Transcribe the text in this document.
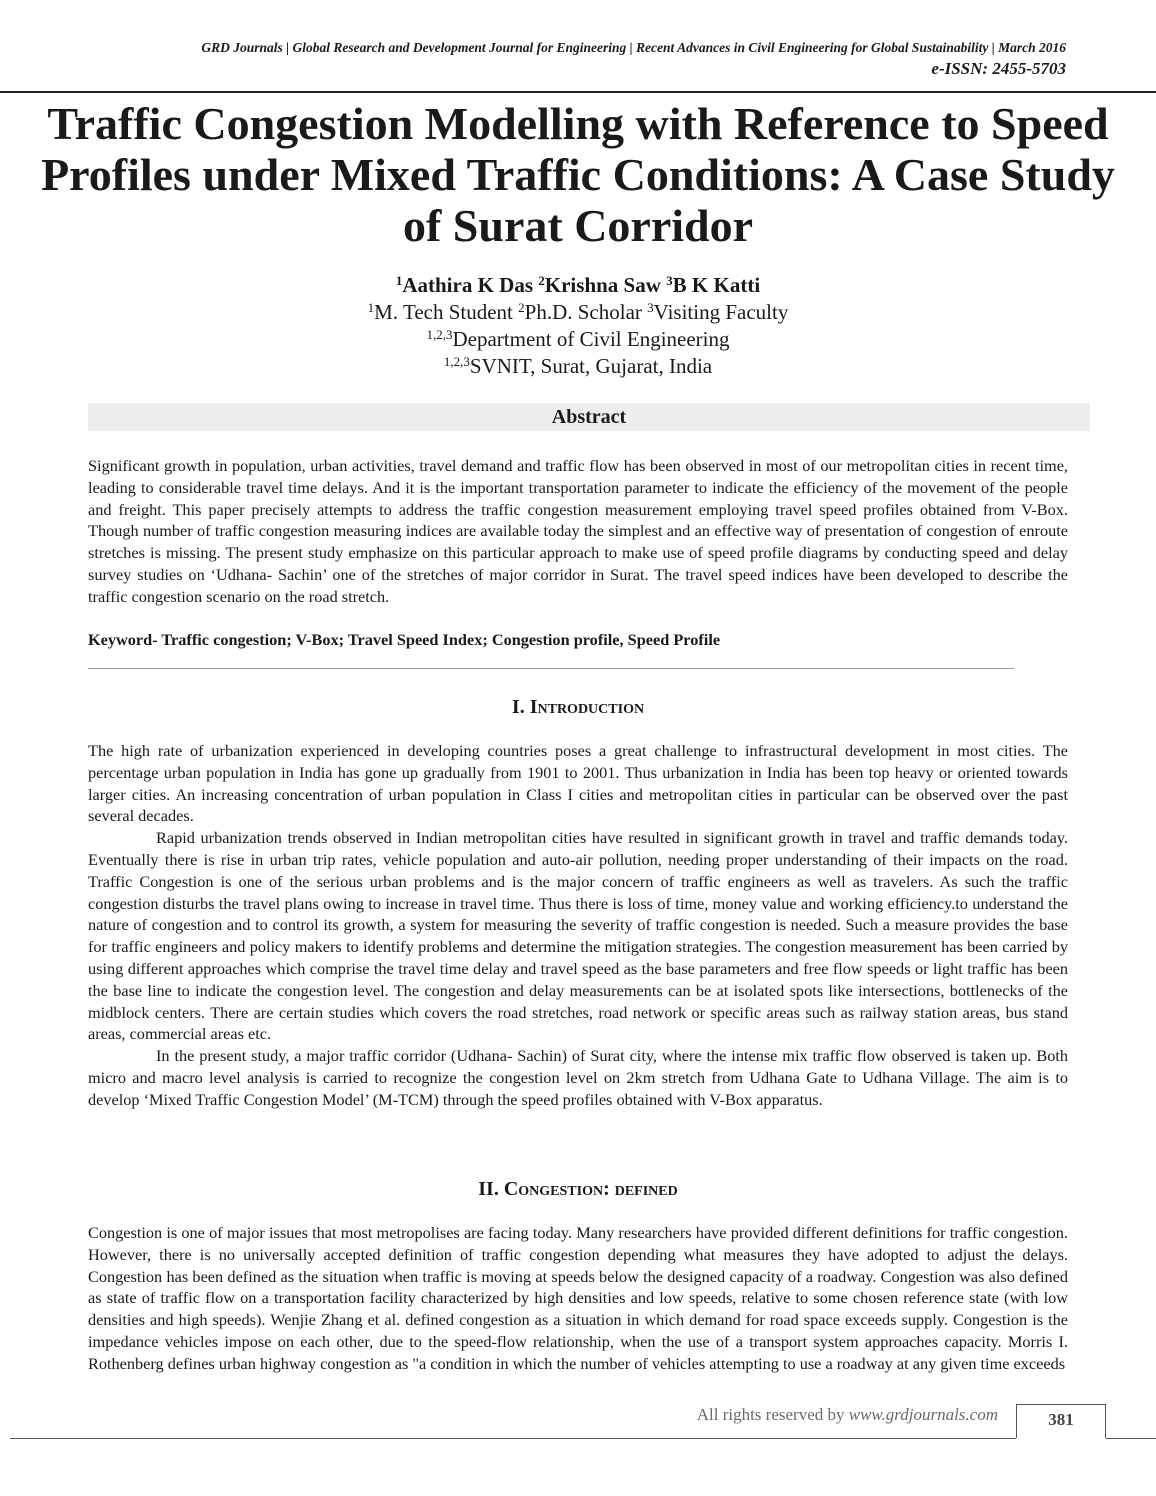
GRD Journals | Global Research and Development Journal for Engineering | Recent Advances in Civil Engineering for Global Sustainability | March 2016
e-ISSN: 2455-5703
Traffic Congestion Modelling with Reference to Speed Profiles under Mixed Traffic Conditions: A Case Study of Surat Corridor
$^1$Aathira K Das $^2$Krishna Saw $^3$B K Katti
$^1$M. Tech Student $^2$Ph.D. Scholar $^3$Visiting Faculty
$^{1,2,3}$Department of Civil Engineering
$^{1,2,3}$SVNIT, Surat, Gujarat, India
Abstract

Significant growth in population, urban activities, travel demand and traffic flow has been observed in most of our metropolitan cities in recent time, leading to considerable travel time delays. And it is the important transportation parameter to indicate the efficiency of the movement of the people and freight. This paper precisely attempts to address the traffic congestion measurement employing travel speed profiles obtained from V-Box. Though number of traffic congestion measuring indices are available today the simplest and an effective way of presentation of congestion of enroute stretches is missing. The present study emphasize on this particular approach to make use of speed profile diagrams by conducting speed and delay survey studies on ‘Udhana- Sachin’ one of the stretches of major corridor in Surat. The travel speed indices have been developed to describe the traffic congestion scenario on the road stretch.

Keyword- Traffic congestion; V-Box; Travel Speed Index; Congestion profile, Speed Profile

I. Introduction

The high rate of urbanization experienced in developing countries poses a great challenge to infrastructural development in most cities. The percentage urban population in India has gone up gradually from 1901 to 2001. Thus urbanization in India has been top heavy or oriented towards larger cities. An increasing concentration of urban population in Class I cities and metropolitan cities in particular can be observed over the past several decades.

Rapid urbanization trends observed in Indian metropolitan cities have resulted in significant growth in travel and traffic demands today. Eventually there is rise in urban trip rates, vehicle population and auto-air pollution, needing proper understanding of their impacts on the road. Traffic Congestion is one of the serious urban problems and is the major concern of traffic engineers as well as travelers. As such the traffic congestion disturbs the travel plans owing to increase in travel time. Thus there is loss of time, money value and working efficiency.to understand the nature of congestion and to control its growth, a system for measuring the severity of traffic congestion is needed. Such a measure provides the base for traffic engineers and policy makers to identify problems and determine the mitigation strategies. The congestion measurement has been carried by using different approaches which comprise the travel time delay and travel speed as the base parameters and free flow speeds or light traffic has been the base line to indicate the congestion level. The congestion and delay measurements can be at isolated spots like intersections, bottlenecks of the midblock centers. There are certain studies which covers the road stretches, road network or specific areas such as railway station areas, bus stand areas, commercial areas etc.

In the present study, a major traffic corridor (Udhana- Sachin) of Surat city, where the intense mix traffic flow observed is taken up. Both micro and macro level analysis is carried to recognize the congestion level on 2km stretch from Udhana Gate to Udhana Village. The aim is to develop ‘Mixed Traffic Congestion Model’ (M-TCM) through the speed profiles obtained with V-Box apparatus.

II. Congestion: defined

Congestion is one of major issues that most metropolises are facing today. Many researchers have provided different definitions for traffic congestion. However, there is no universally accepted definition of traffic congestion depending what measures they have adopted to adjust the delays. Congestion has been defined as the situation when traffic is moving at speeds below the designed capacity of a roadway. Congestion was also defined as state of traffic flow on a transportation facility characterized by high densities and low speeds, relative to some chosen reference state (with low densities and high speeds). Wenjie Zhang et al. defined congestion as a situation in which demand for road space exceeds supply. Congestion is the impedance vehicles impose on each other, due to the speed-flow relationship, when the use of a transport system approaches capacity. Morris I. Rothenberg defines urban highway congestion as "a condition in which the number of vehicles attempting to use a roadway at any given time exceeds

All rights reserved by www.grdjournals.com	381
